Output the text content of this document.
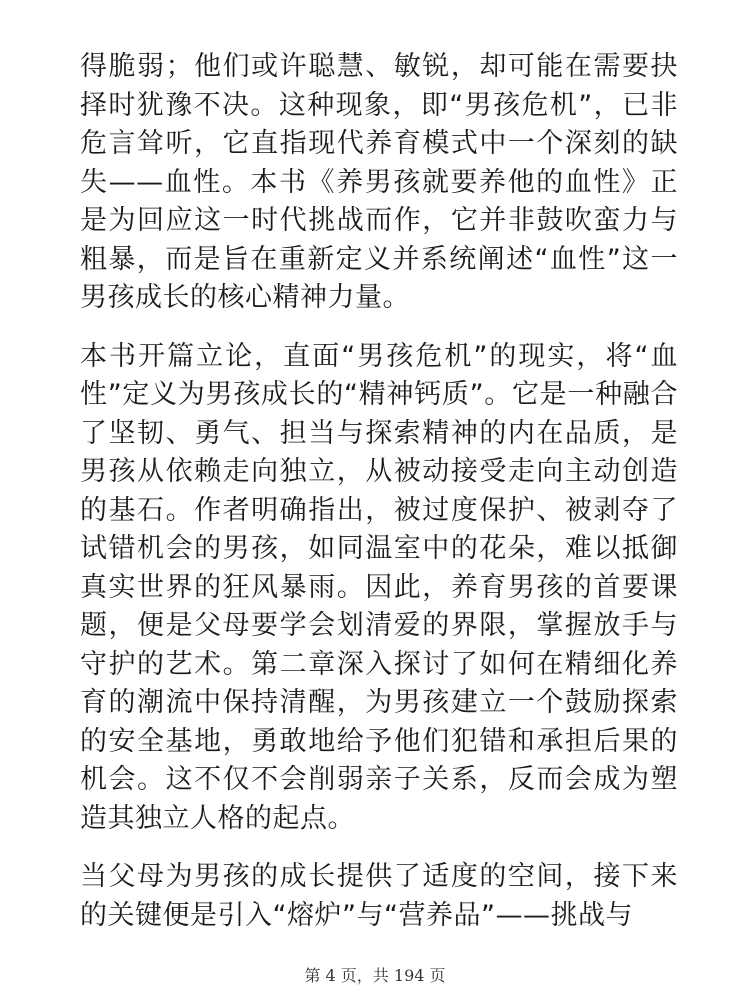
得脆弱；他们或许聪慧、敏锐，却可能在需要抉择时犹豫不决。这种现象，即“男孩危机”，已非危言耸听，它直指现代养育模式中一个深刻的缺失——血性。本书《养男孩就要养他的血性》正是为回应这一时代挑战而作，它并非鼓吹蛮力与粗暴，而是旨在重新定义并系统阐述“血性”这一男孩成长的核心精神力量。

本书开篇立论，直面“男孩危机”的现实，将“血性”定义为男孩成长的“精神钙质”。它是一种融合了坚韧、勇气、担当与探索精神的内在品质，是男孩从依赖走向独立，从被动接受走向主动创造的基石。作者明确指出，被过度保护、被剥夺了试错机会的男孩，如同温室中的花朵，难以抵御真实世界的狂风暴雨。因此，养育男孩的首要课题，便是父母要学会划清爱的界限，掌握放手与守护的艺术。第二章深入探讨了如何在精细化养育的潮流中保持清醒，为男孩建立一个鼓励探索的安全基地，勇敢地给予他们犯错和承担后果的机会。这不仅不会削弱亲子关系，反而会成为塑造其独立人格的起点。

当父母为男孩的成长提供了适度的空间，接下来的关键便是引入“熔炉”与“营养品”——挑战与

第 4 页，共 194 页
